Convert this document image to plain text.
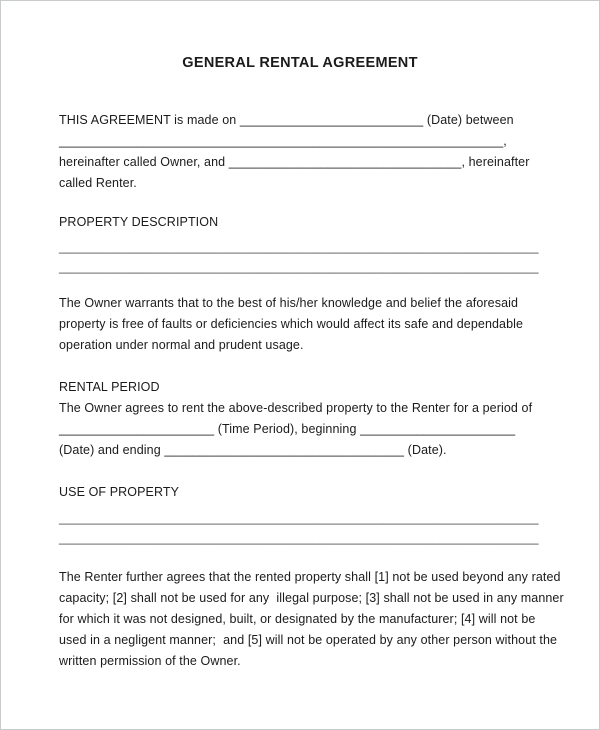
GENERAL RENTAL AGREEMENT
THIS AGREEMENT is made on __________________________ (Date) between
_______________________________________________________________,
hereinafter called Owner, and _________________________________, hereinafter
called Renter.
PROPERTY DESCRIPTION
____________________________________________________________________
____________________________________________________________________
The Owner warrants that to the best of his/her knowledge and belief the aforesaid
property is free of faults or deficiencies which would affect its safe and dependable
operation under normal and prudent usage.
RENTAL PERIOD
The Owner agrees to rent the above-described property to the Renter for a period of
______________________ (Time Period), beginning ______________________
(Date) and ending __________________________________ (Date).
USE OF PROPERTY
____________________________________________________________________
____________________________________________________________________
The Renter further agrees that the rented property shall [1] not be used beyond any rated
capacity; [2] shall not be used for any  illegal purpose; [3] shall not be used in any manner
for which it was not designed, built, or designated by the manufacturer; [4] will not be
used in a negligent manner;  and [5] will not be operated by any other person without the
written permission of the Owner.
